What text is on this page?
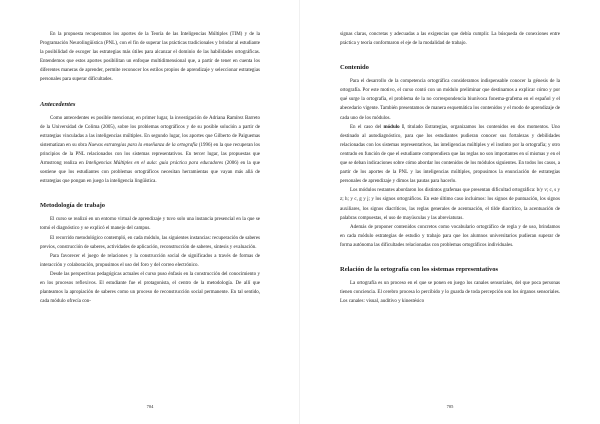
En la propuesta recuperamos los aportes de la Teoría de las Inteligencias Múltiples (TIM) y de la Programación Neurolingüística (PNL), con el fin de superar las prácticas tradicionales y brindar al estudiante la posibilidad de escoger las estrategias más útiles para alcanzar el dominio de las habilidades ortográficas. Entendemos que estos aportes posibilitan un enfoque multidimensional que, a partir de tener en cuenta los diferentes maneras de aprender, permite reconocer los estilos propios de aprendizaje y seleccionar estrategias personales para superar dificultades.

Antecedentes

Como antecedentes es posible mencionar, en primer lugar, la investigación de Adriana Ramírez Barreto de la Universidad de Colima (2005), sobre los problemas ortográficos y de su posible solución a partir de estrategias vinculadas a las inteligencias múltiples. En segundo lugar, los aportes que Gilberto de Paiguemas sistematizan en su obra Nuevas estrategias para la enseñanza de la ortografía (1996) en la que recuperan los principios de la PNL relacionados con los sistemas representativos. En tercer lugar, las propuestas que Armstrong realiza en Inteligencias Múltiples en el aula: guía práctica para educadores (2006) en la que sostiene que los estudiantes con problemas ortográficos necesitan herramientas que vayan más allá de estrategias que pongan en juego la inteligencia lingüística.

Metodología de trabajo

El curso se realizó en un entorno virtual de aprendizaje y tuvo solo una instancia presencial en la que se tomó el diagnóstico y se explicó el manejo del campus.

El recorrido metodológico contempló, en cada módulo, las siguientes instancias: recuperación de saberes previos, construcción de saberes, actividades de aplicación, reconstrucción de saberes, síntesis y evaluación.

Para favorecer el juego de relaciones y la construcción social de significados a través de formas de interacción y colaboración, propusimos el uso del foro y del correo electrónico.

Desde las perspectivas pedagógicas actuales el curso puso énfasis en la construcción del conocimiento y en los procesos reflexivos. El estudiante fue el protagonista, el centro de la metodología. De allí que planteamos la apropiación de saberes como un proceso de reconstrucción social permanente. En tal sentido, cada módulo ofrecía con-

signas claras, concretas y adecuadas a las exigencias que debía cumplir. La búsqueda de conexiones entre práctica y teoría conformaron el eje de la modalidad de trabajo.

Contenido

Para el desarrollo de la competencia ortográfica consideramos indispensable conocer la génesis de la ortografía. Por este motivo, el curso contó con un módulo preliminar que destinamos a explicar cómo y por qué surge la ortografía, el problema de la no correspondencia biunívoca fonema-grafema en el español y el abecedario vigente. También presentamos de manera esquemática los contenidos y el modo de aprendizaje de cada uno de los módulos.

En el caso del módulo I, titulado Estrategias, organizamos los contenidos en dos momentos. Uno destinado al autodiagnóstico, para que los estudiantes pudieran conocer sus fortalezas y debilidades relacionadas con los sistemas representativos, las inteligencias múltiples y el instinto por la ortografía; y otro centrado en función de que el estudiante comprendiera que las reglas no son importantes en sí mismas y en el que se deban indicaciones sobre cómo abordar los contenidos de los módulos siguientes. En todos los casos, a partir de los aportes de la PNL y las inteligencias múltiples, propusimos la enunciación de estrategias personales de aprendizaje y dimos las pautas para hacerlo.

Los módulos restantes abordaron los distintos grafemas que presentan dificultad ortográfica: b/y v; c, s y z; h; y c, g y j; y los signos ortográficos. En este último caso incluimos: los signos de puntuación, los signos auxiliares, los signos diacríticos, las reglas generales de acentuación, el tilde diacrítico, la acentuación de palabras compuestas, el uso de mayúsculas y las abreviaturas.

Además de proponer contenidos concretos como vocabulario ortográfico de regla y de uso, brindamos en cada módulo estrategias de estudio y trabajo para que los alumnos universitarios pudieran superar de forma autónoma las dificultades relacionadas con problemas ortográficos individuales.

Relación de la ortografía con los sistemas representativos

La ortografía es un proceso en el que se ponen en juego los canales sensoriales, del que poca personas tienen conciencia. El cerebro procesa lo percibido y lo guarda de toda percepción son los órganos sensoriales. Los canales: visual, auditivo y kinestésico

704	705
